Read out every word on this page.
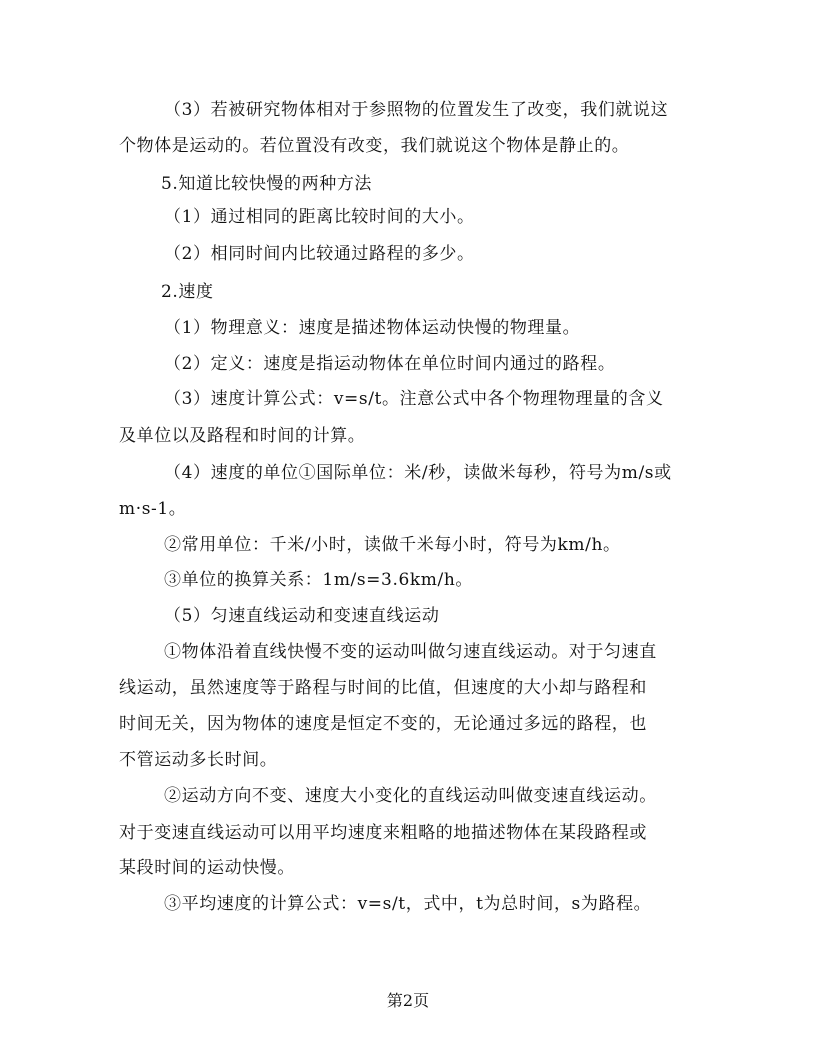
（3）若被研究物体相对于参照物的位置发生了改变，我们就说这
个物体是运动的。若位置没有改变，我们就说这个物体是静止的。
5.知道比较快慢的两种方法
（1）通过相同的距离比较时间的大小。
（2）相同时间内比较通过路程的多少。
2.速度
（1）物理意义：速度是描述物体运动快慢的物理量。
（2）定义：速度是指运动物体在单位时间内通过的路程。
（3）速度计算公式：v=s/t。注意公式中各个物理物理量的含义
及单位以及路程和时间的计算。
（4）速度的单位①国际单位：米/秒，读做米每秒，符号为m/s或
m·s-1。
②常用单位：千米/小时，读做千米每小时，符号为km/h。
③单位的换算关系：1m/s=3.6km/h。
（5）匀速直线运动和变速直线运动
①物体沿着直线快慢不变的运动叫做匀速直线运动。对于匀速直
线运动，虽然速度等于路程与时间的比值，但速度的大小却与路程和
时间无关，因为物体的速度是恒定不变的，无论通过多远的路程，也
不管运动多长时间。
②运动方向不变、速度大小变化的直线运动叫做变速直线运动。
对于变速直线运动可以用平均速度来粗略的地描述物体在某段路程或
某段时间的运动快慢。
③平均速度的计算公式：v=s/t，式中，t为总时间，s为路程。
第2页
